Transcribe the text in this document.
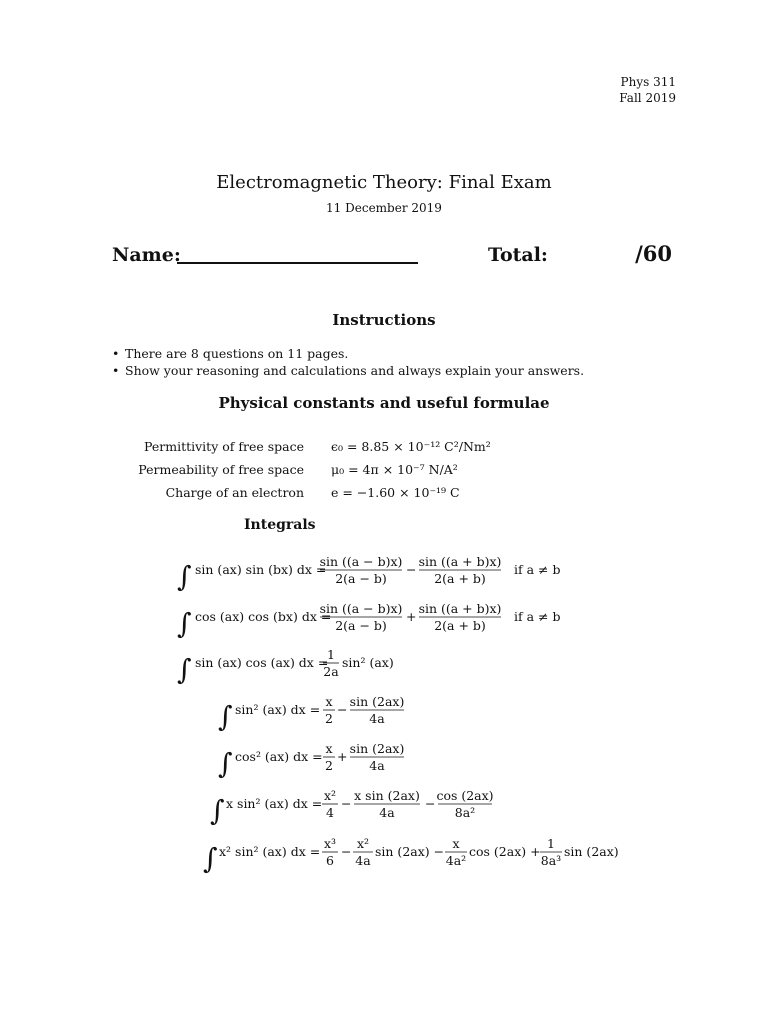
Phys 311
Fall 2019
Electromagnetic Theory: Final Exam
11 December 2019
Name:	Total:	/60
Instructions
• There are 8 questions on 11 pages.
• Show your reasoning and calculations and always explain your answers.
Physical constants and useful formulae
Permittivity of free space ϵ₀ = 8.85 × 10⁻¹² C²/Nm²
Permeability of free space μ₀ = 4π × 10⁻⁷ N/A²
Charge of an electron e = −1.60 × 10⁻¹⁹ C
Integrals
∫ sin (ax) sin (bx) dx =
sin ((a − b)x)
2(a − b)
−
sin ((a + b)x)
2(a + b)
if a ≠ b
∫ cos (ax) cos (bx) dx =
sin ((a − b)x)
2(a − b)
+
sin ((a + b)x)
2(a + b)
if a ≠ b
∫ sin (ax) cos (ax) dx =
1
2a
sin² (ax)
∫ sin² (ax) dx =
x
2
−
sin (2ax)
4a
∫ cos² (ax) dx =
x
2
+
sin (2ax)
4a
∫ x sin² (ax) dx =
x²
4
−
x sin (2ax)
4a
−
cos (2ax)
8a²
∫ x² sin² (ax) dx =
x³
6
−
x²
4a
sin (2ax) −
x
4a²
cos (2ax) +
1
8a³
sin (2ax)
